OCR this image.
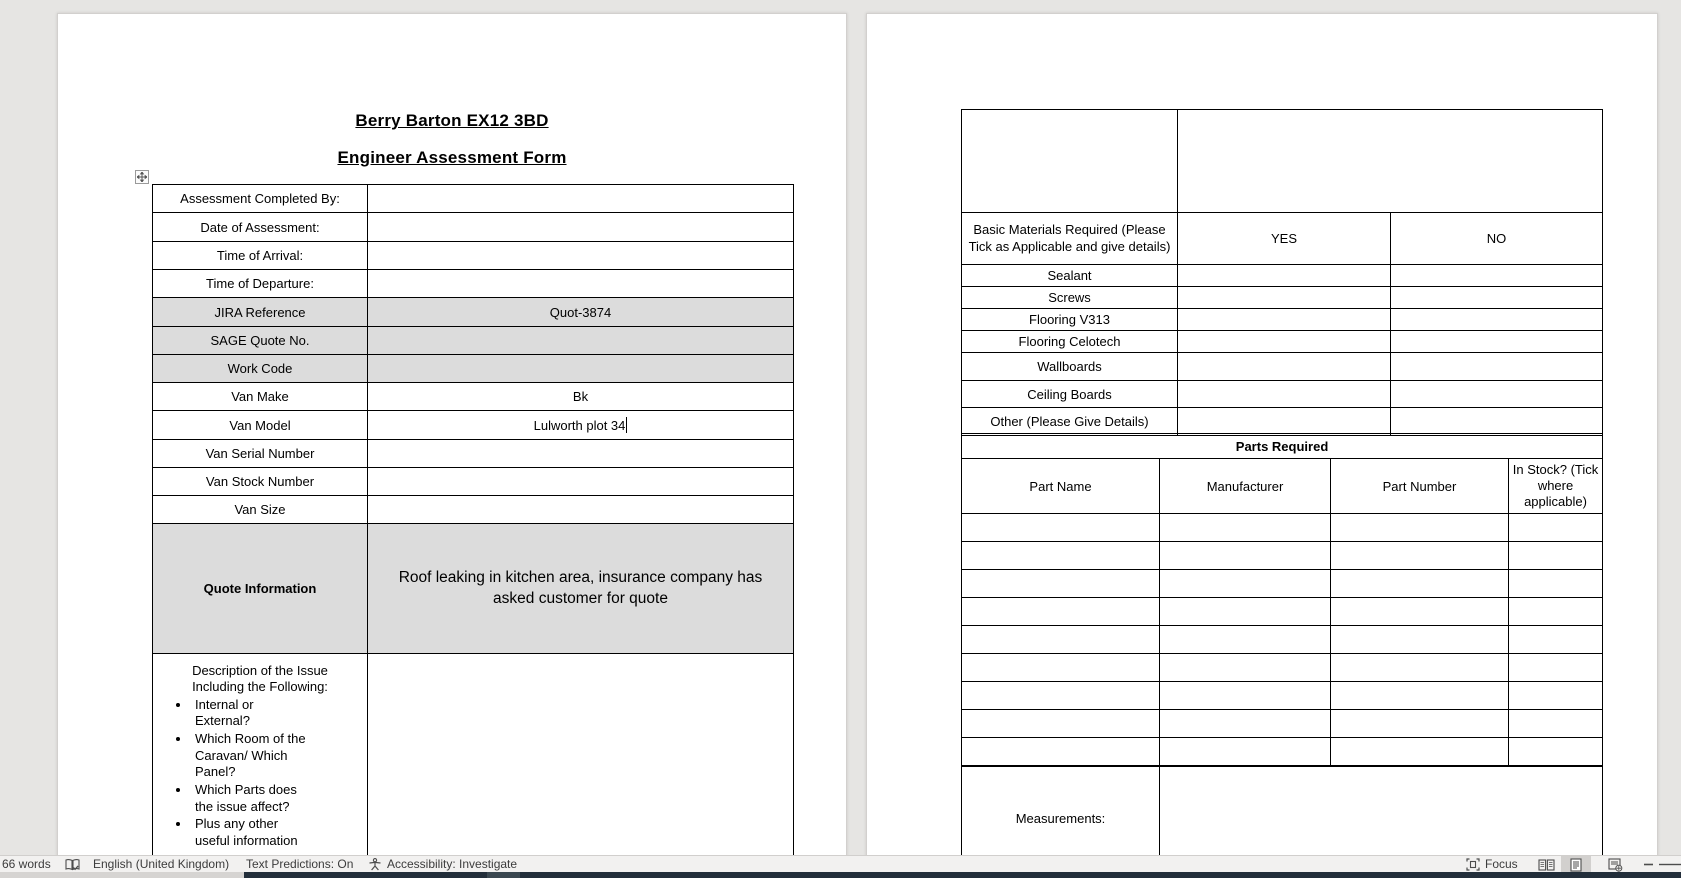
Berry Barton EX12 3BD
Engineer Assessment Form
Assessment Completed By:	
Date of Assessment:	
Time of Arrival:	
Time of Departure:	
JIRA Reference	Quot-3874
SAGE Quote No.	
Work Code	
Van Make	Bk
Van Model	Lulworth plot 34
Van Serial Number	
Van Stock Number	
Van Size	
Quote Information	Roof leaking in kitchen area, insurance company has asked customer for quote

Description of the Issue
Including the Following:
• Internal or External?
• Which Room of the Caravan/ Which Panel?
• Which Parts does the issue affect?
• Plus any other useful information

Basic Materials Required (Please Tick as Applicable and give details)	YES	NO
Sealant		
Screws		
Flooring V313		
Flooring Celotech		
Wallboards		
Ceiling Boards		
Other (Please Give Details)		
Parts Required			
Part Name	Manufacturer	Part Number	In Stock? (Tick where applicable)

Measurements:	
66 words	English (United Kingdom) Text Predictions: On	Accessibility: Investigate	Focus
